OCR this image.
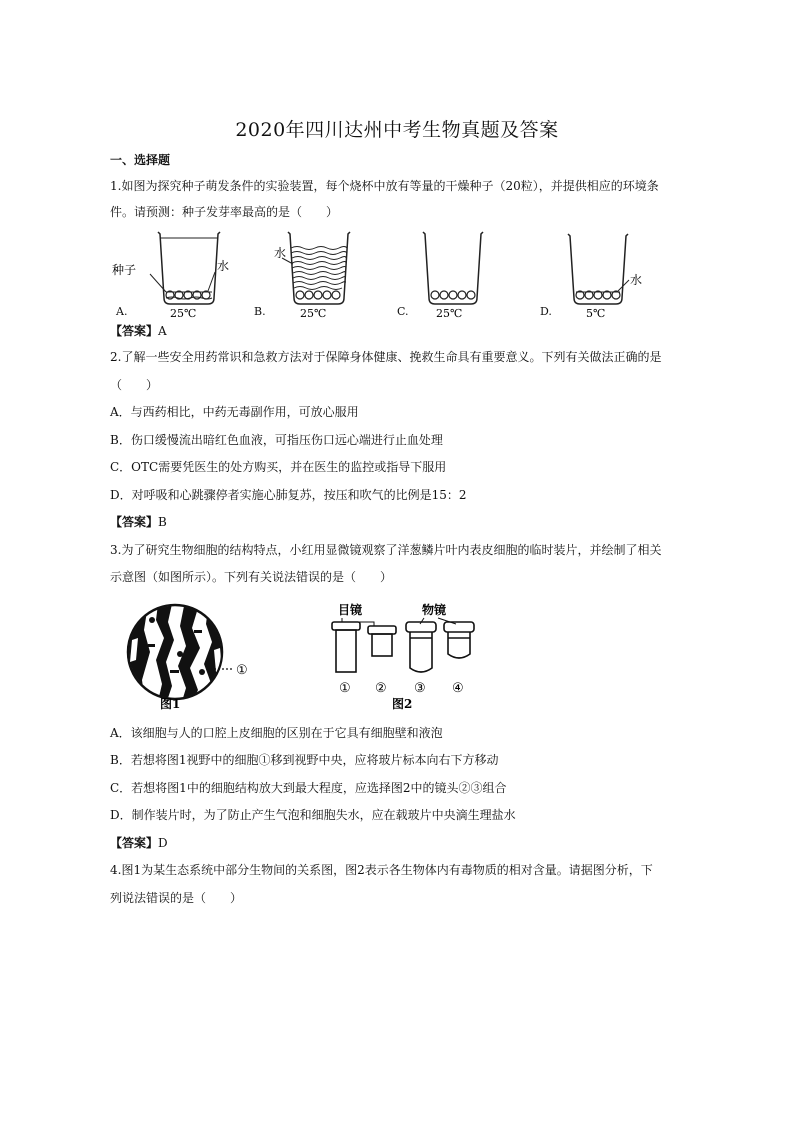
2020年四川达州中考生物真题及答案
一、选择题
1.如图为探究种子萌发条件的实验装置，每个烧杯中放有等量的干燥种子（20粒），并提供相应的环境条
件。请预测：种子发芽率最高的是（　　）
种子	水
25℃
水
25℃	25℃
水
5℃
A.	B.	C.	D.
【答案】A
2.了解一些安全用药常识和急救方法对于保障身体健康、挽救生命具有重要意义。下列有关做法正确的是
（　　）
A．与西药相比，中药无毒副作用，可放心服用
B．伤口缓慢流出暗红色血液，可指压伤口远心端进行止血处理
C．OTC需要凭医生的处方购买，并在医生的监控或指导下服用
D．对呼吸和心跳骤停者实施心肺复苏，按压和吹气的比例是15：2
【答案】B
3.为了研究生物细胞的结构特点，小红用显微镜观察了洋葱鳞片叶内表皮细胞的临时装片，并绘制了相关
示意图（如图所示）。下列有关说法错误的是（　　）
①
图1
目镜	物镜
① ② ③ ④
图2
A．该细胞与人的口腔上皮细胞的区别在于它具有细胞壁和液泡
B．若想将图1视野中的细胞①移到视野中央，应将玻片标本向右下方移动
C．若想将图1中的细胞结构放大到最大程度，应选择图2中的镜头②③组合
D．制作装片时，为了防止产生气泡和细胞失水，应在载玻片中央滴生理盐水
【答案】D
4.图1为某生态系统中部分生物间的关系图，图2表示各生物体内有毒物质的相对含量。请据图分析，下
列说法错误的是（　　）
